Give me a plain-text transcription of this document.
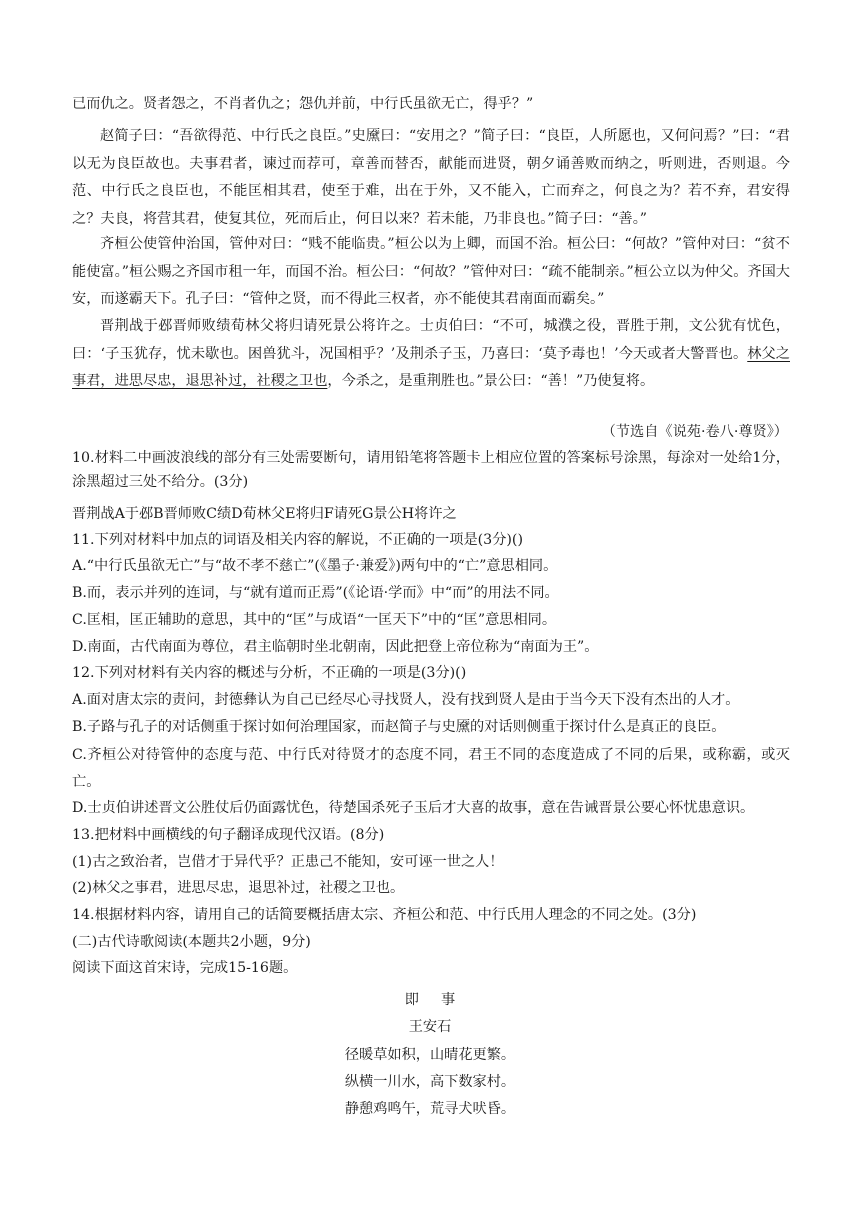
已而仇之。贤者怨之，不肖者仇之；怨仇并前，中行氏虽欲无亡，得乎？”
赵简子曰：“吾欲得范、中行氏之良臣。”史黡曰：“安用之？”简子曰：“良臣，人所愿也，又何问焉？”曰：“君以无为良臣故也。夫事君者，谏过而荐可，章善而替否，献能而进贤，朝夕诵善败而纳之，听则进，否则退。今范、中行氏之良臣也，不能匡相其君，使至于难，出在于外，又不能入，亡而弃之，何良之为？若不弃，君安得之？夫良，将营其君，使复其位，死而后止，何日以来？若未能，乃非良也。”简子曰：“善。”
齐桓公使管仲治国，管仲对曰：“贱不能临贵。”桓公以为上卿，而国不治。桓公曰：“何故？”管仲对曰：“贫不能使富。”桓公赐之齐国市租一年，而国不治。桓公曰：“何故？”管仲对曰：“疏不能制亲。”桓公立以为仲父。齐国大安，而遂霸天下。孔子曰：“管仲之贤，而不得此三权者，亦不能使其君南面而霸矣。”
晋荆战于邲晋师败绩荀林父将归请死景公将许之。士贞伯曰：“不可，城濮之役，晋胜于荆，文公犹有忧色，曰：‘子玉犹存，忧未歇也。困兽犹斗，况国相乎？’及荆杀子玉，乃喜曰：‘莫予毒也！’今天或者大警晋也。林父之事君，进思尽忠，退思补过，社稷之卫也，今杀之，是重荆胜也。”景公曰：“善！”乃使复将。
（节选自《说苑·卷八·尊贤》）
10.材料二中画波浪线的部分有三处需要断句，请用铅笔将答题卡上相应位置的答案标号涂黑，每涂对一处给1分，涂黑超过三处不给分。(3分)
晋荆战A于邲B晋师败C绩D荀林父E将归F请死G景公H将许之
11.下列对材料中加点的词语及相关内容的解说，不正确的一项是(3分)()
A.“中行氏虽欲无亡”与“故不孝不慈亡”(《墨子·兼爱》)两句中的“亡”意思相同。
B.而，表示并列的连词，与“就有道而正焉”(《论语·学而》中“而”的用法不同。
C.匡相，匡正辅助的意思，其中的“匡”与成语“一匡天下”中的“匡”意思相同。
D.南面，古代南面为尊位，君主临朝时坐北朝南，因此把登上帝位称为“南面为王”。
12.下列对材料有关内容的概述与分析，不正确的一项是(3分)()
A.面对唐太宗的责问，封德彝认为自己已经尽心寻找贤人，没有找到贤人是由于当今天下没有杰出的人才。
B.子路与孔子的对话侧重于探讨如何治理国家，而赵简子与史黡的对话则侧重于探讨什么是真正的良臣。
C.齐桓公对待管仲的态度与范、中行氏对待贤才的态度不同，君王不同的态度造成了不同的后果，或称霸，或灭亡。
D.士贞伯讲述晋文公胜仗后仍面露忧色，待楚国杀死子玉后才大喜的故事，意在告诫晋景公要心怀忧患意识。
13.把材料中画横线的句子翻译成现代汉语。(8分)
(1)古之致治者，岂借才于异代乎？正患己不能知，安可诬一世之人！
(2)林父之事君，进思尽忠，退思补过，社稷之卫也。
14.根据材料内容，请用自己的话简要概括唐太宗、齐桓公和范、中行氏用人理念的不同之处。(3分)
(二)古代诗歌阅读(本题共2小题，9分)
阅读下面这首宋诗，完成15-16题。
即事
王安石
径暖草如积，山晴花更繁。
纵横一川水，高下数家村。
静憩鸡鸣午，荒寻犬吠昏。
